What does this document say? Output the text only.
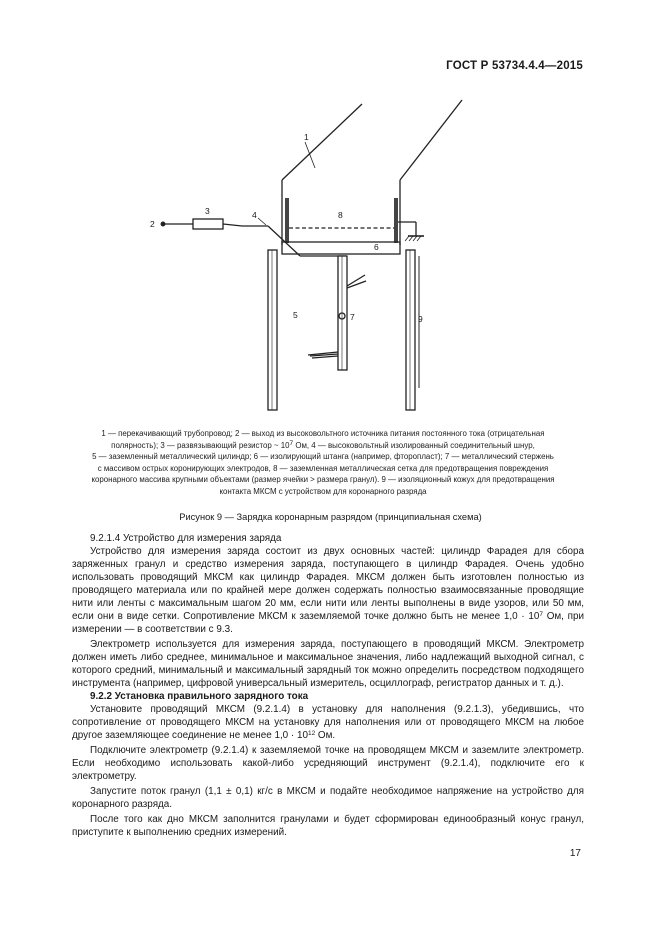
ГОСТ Р 53734.4.4—2015
1
2
3	4
5
6
7
8
9
1 — перекачивающий трубопровод; 2 — выход из высоковольтного источника питания постоянного тока (отрицательная
полярность); 3 — развязывающий резистор ~ $10^7$ Ом, 4 — высоковольтный изолированный соединительный шнур,
5 — заземленный металлический цилиндр; 6 — изолирующий штанга (например, фторопласт); 7 — металлический стержень
с массивом острых коронирующих электродов, 8 — заземленная металлическая сетка для предотвращения повреждения
коронарного массива крупными объектами (размер ячейки > размера гранул). 9 — изоляционный кожух для предотвращения
контакта МКСМ с устройством для коронарного разряда
Рисунок 9 — Зарядка коронарным разрядом (принципиальная схема)

9.2.1.4 Устройство для измерения заряда

Устройство для измерения заряда состоит из двух основных частей: цилиндр Фарадея для сбора заряженных гранул и средство измерения заряда, поступающего в цилиндр Фарадея. Очень удобно использовать проводящий МКСМ как цилиндр Фарадея. МКСМ должен быть изготовлен полностью из проводящего материала или по крайней мере должен содержать полностью взаимосвязанные проводящие нити или ленты с максимальным шагом 20 мм, если нити или ленты выполнены в виде узоров, или 50 мм, если они в виде сетки. Сопротивление МКСМ к заземляемой точке должно быть не менее $1,0 \cdot 10^7$ Ом, при измерении — в соответствии с 9.3.

Электрометр используется для измерения заряда, поступающего в проводящий МКСМ. Электрометр должен иметь либо среднее, минимальное и максимальное значения, либо надлежащий выходной сигнал, с которого средний, минимальный и максимальный зарядный ток можно определить посредством подходящего инструмента (например, цифровой универсальный измеритель, осциллограф, регистратор данных и т. д.).

9.2.2 Установка правильного зарядного тока

Установите проводящий МКСМ (9.2.1.4) в установку для наполнения (9.2.1.3), убедившись, что сопротивление от проводящего МКСМ на установку для наполнения или от проводящего МКСМ на любое другое заземляющее соединение не менее $1,0 \cdot 10^{12}$ Ом.

Подключите электрометр (9.2.1.4) к заземляемой точке на проводящем МКСМ и заземлите электрометр. Если необходимо использовать какой-либо усредняющий инструмент (9.2.1.4), подключите его к электрометру.

Запустите поток гранул (1,1 ± 0,1) кг/с в МКСМ и подайте необходимое напряжение на устройство для коронарного разряда.

После того как дно МКСМ заполнится гранулами и будет сформирован единообразный конус гранул, приступите к выполнению средних измерений.

17
